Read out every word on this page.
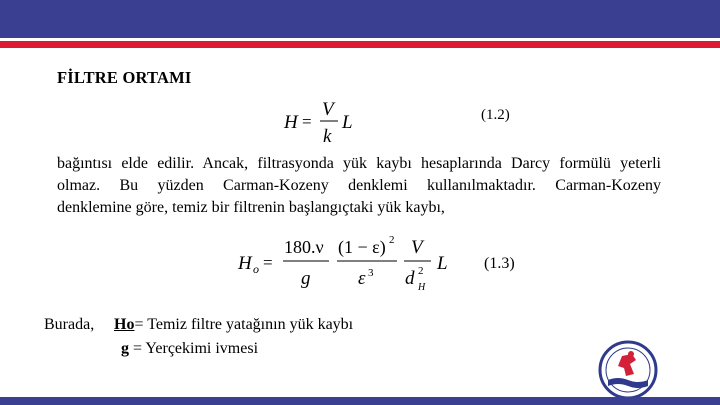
FİLTRE ORTAMI
H =
V
k
L	(1.2)
bağıntısı elde edilir. Ancak, filtrasyonda yük kaybı hesaplarında Darcy formülü yeterli
olmaz. Bu yüzden Carman-Kozeny denklemi kullanılmaktadır. Carman-Kozeny
denklemine göre, temiz bir filtrenin başlangıçtaki yük kaybı,
H o =
180.ν
g
(1 − ε) 2
ε 3
V
d 2
H
L (1.3)
Burada, Ho= Temiz filtre yatağının yük kaybı
g = Yerçekimi ivmesi
